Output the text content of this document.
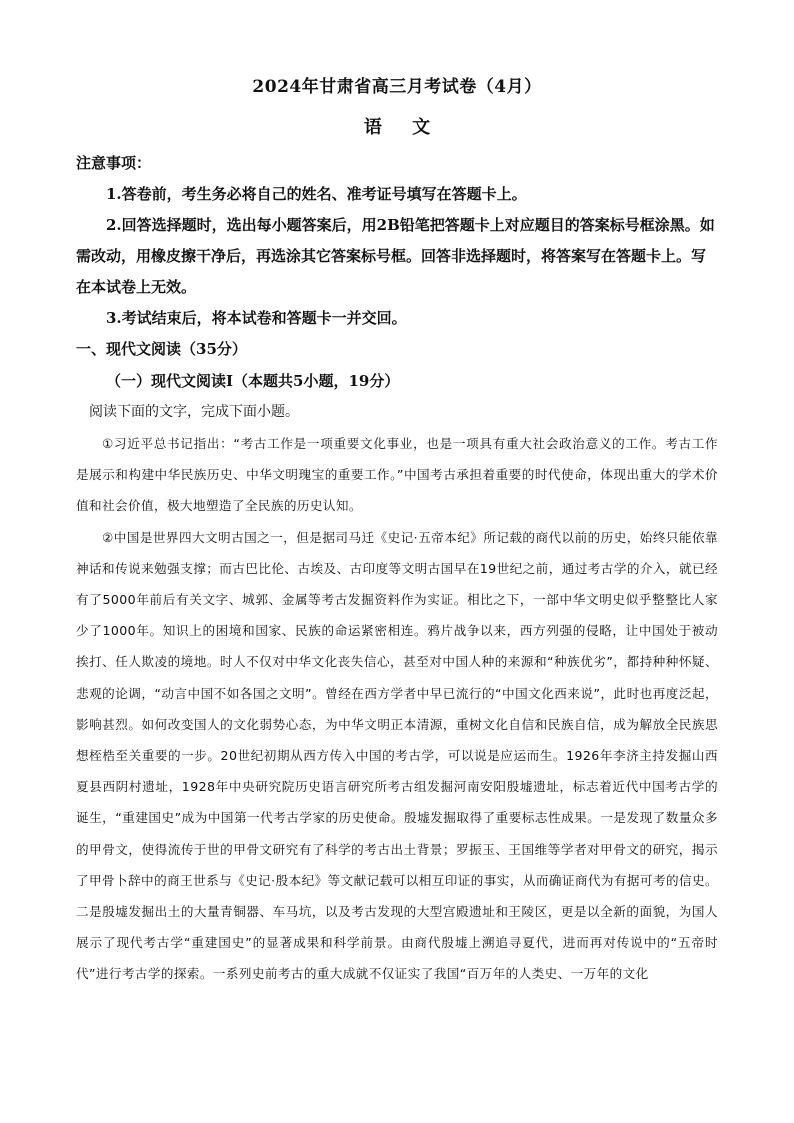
2024年甘肃省高三月考试卷（4月）
语 文

注意事项：

1.答卷前，考生务必将自己的姓名、准考证号填写在答题卡上。

2.回答选择题时，选出每小题答案后，用2B铅笔把答题卡上对应题目的答案标号框涂黑。如需改动，用橡皮擦干净后，再选涂其它答案标号框。回答非选择题时，将答案写在答题卡上。写在本试卷上无效。

3.考试结束后，将本试卷和答题卡一并交回。

一、现代文阅读（35分）
（一）现代文阅读Ⅰ（本题共5小题，19分）
阅读下面的文字，完成下面小题。

①习近平总书记指出：“考古工作是一项重要文化事业，也是一项具有重大社会政治意义的工作。考古工作是展示和构建中华民族历史、中华文明瑰宝的重要工作。”中国考古承担着重要的时代使命，体现出重大的学术价值和社会价值，极大地塑造了全民族的历史认知。

②中国是世界四大文明古国之一，但是据司马迁《史记·五帝本纪》所记载的商代以前的历史，始终只能依靠神话和传说来勉强支撑；而古巴比伦、古埃及、古印度等文明古国早在19世纪之前，通过考古学的介入，就已经有了5000年前后有关文字、城郭、金属等考古发掘资料作为实证。相比之下，一部中华文明史似乎整整比人家少了1000年。知识上的困境和国家、民族的命运紧密相连。鸦片战争以来，西方列强的侵略，让中国处于被动挨打、任人欺凌的境地。时人不仅对中华文化丧失信心，甚至对中国人种的来源和“种族优劣”，都持种种怀疑、悲观的论调，“动言中国不如各国之文明”。曾经在西方学者中早已流行的“中国文化西来说”，此时也再度泛起，影响甚烈。如何改变国人的文化弱势心态，为中华文明正本清源，重树文化自信和民族自信，成为解放全民族思想桎梏至关重要的一步。20世纪初期从西方传入中国的考古学，可以说是应运而生。1926年李济主持发掘山西夏县西阴村遗址，1928年中央研究院历史语言研究所考古组发掘河南安阳殷墟遗址，标志着近代中国考古学的诞生，“重建国史”成为中国第一代考古学家的历史使命。殷墟发掘取得了重要标志性成果。一是发现了数量众多的甲骨文，使得流传于世的甲骨文研究有了科学的考古出土背景；罗振玉、王国维等学者对甲骨文的研究，揭示了甲骨卜辞中的商王世系与《史记·殷本纪》等文献记载可以相互印证的事实，从而确证商代为有据可考的信史。二是殷墟发掘出土的大量青铜器、车马坑，以及考古发现的大型宫殿遗址和王陵区，更是以全新的面貌，为国人展示了现代考古学“重建国史”的显著成果和科学前景。由商代殷墟上溯追寻夏代，进而再对传说中的“五帝时代”进行考古学的探索。一系列史前考古的重大成就不仅证实了我国“百万年的人类史、一万年的文化
